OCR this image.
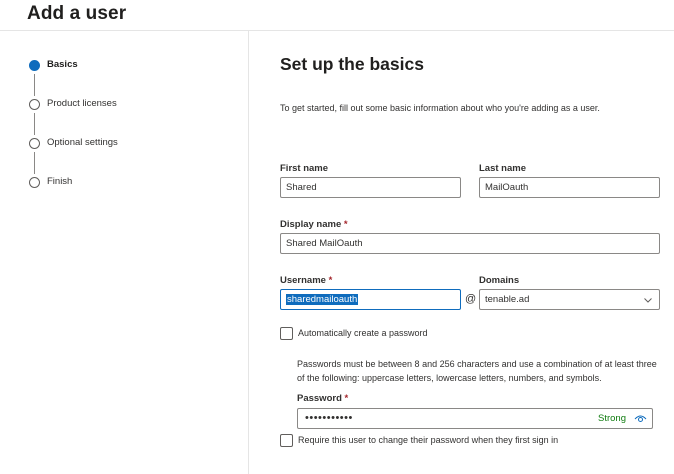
Add a user
Basics
Product licenses
Optional settings
Finish
Set up the basics
To get started, fill out some basic information about who you're adding as a user.
First name
Shared
Last name
MailOauth
Display name *
Shared MailOauth
Username *
sharedmailoauth	@
Domains
tenable.ad
Automatically create a password
Passwords must be between 8 and 256 characters and use a combination of at least three of the following: uppercase letters, lowercase letters, numbers, and symbols.
Password *
•••••••••••	Strong
Require this user to change their password when they first sign in
